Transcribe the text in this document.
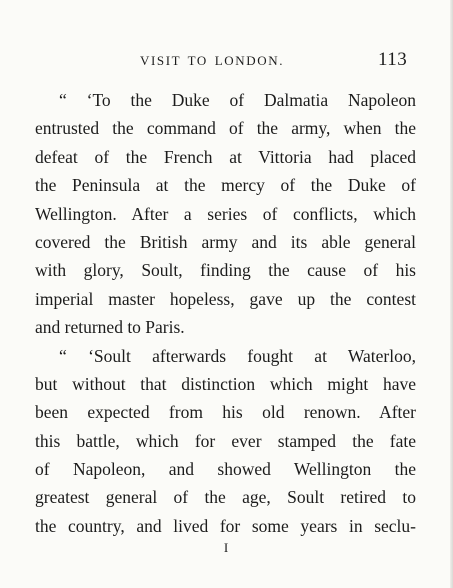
VISIT TO LONDON.	113
“ ‘To the Duke of Dalmatia Napoleon
entrusted the command of the army, when the
defeat of the French at Vittoria had placed
the Peninsula at the mercy of the Duke of
Wellington. After a series of conflicts, which
covered the British army and its able general
with glory, Soult, finding the cause of his
imperial master hopeless, gave up the contest
and returned to Paris.
“ ‘Soult afterwards fought at Waterloo,
but without that distinction which might have
been expected from his old renown. After
this battle, which for ever stamped the fate
of Napoleon, and showed Wellington the
greatest general of the age, Soult retired to
the country, and lived for some years in seclu-
I
